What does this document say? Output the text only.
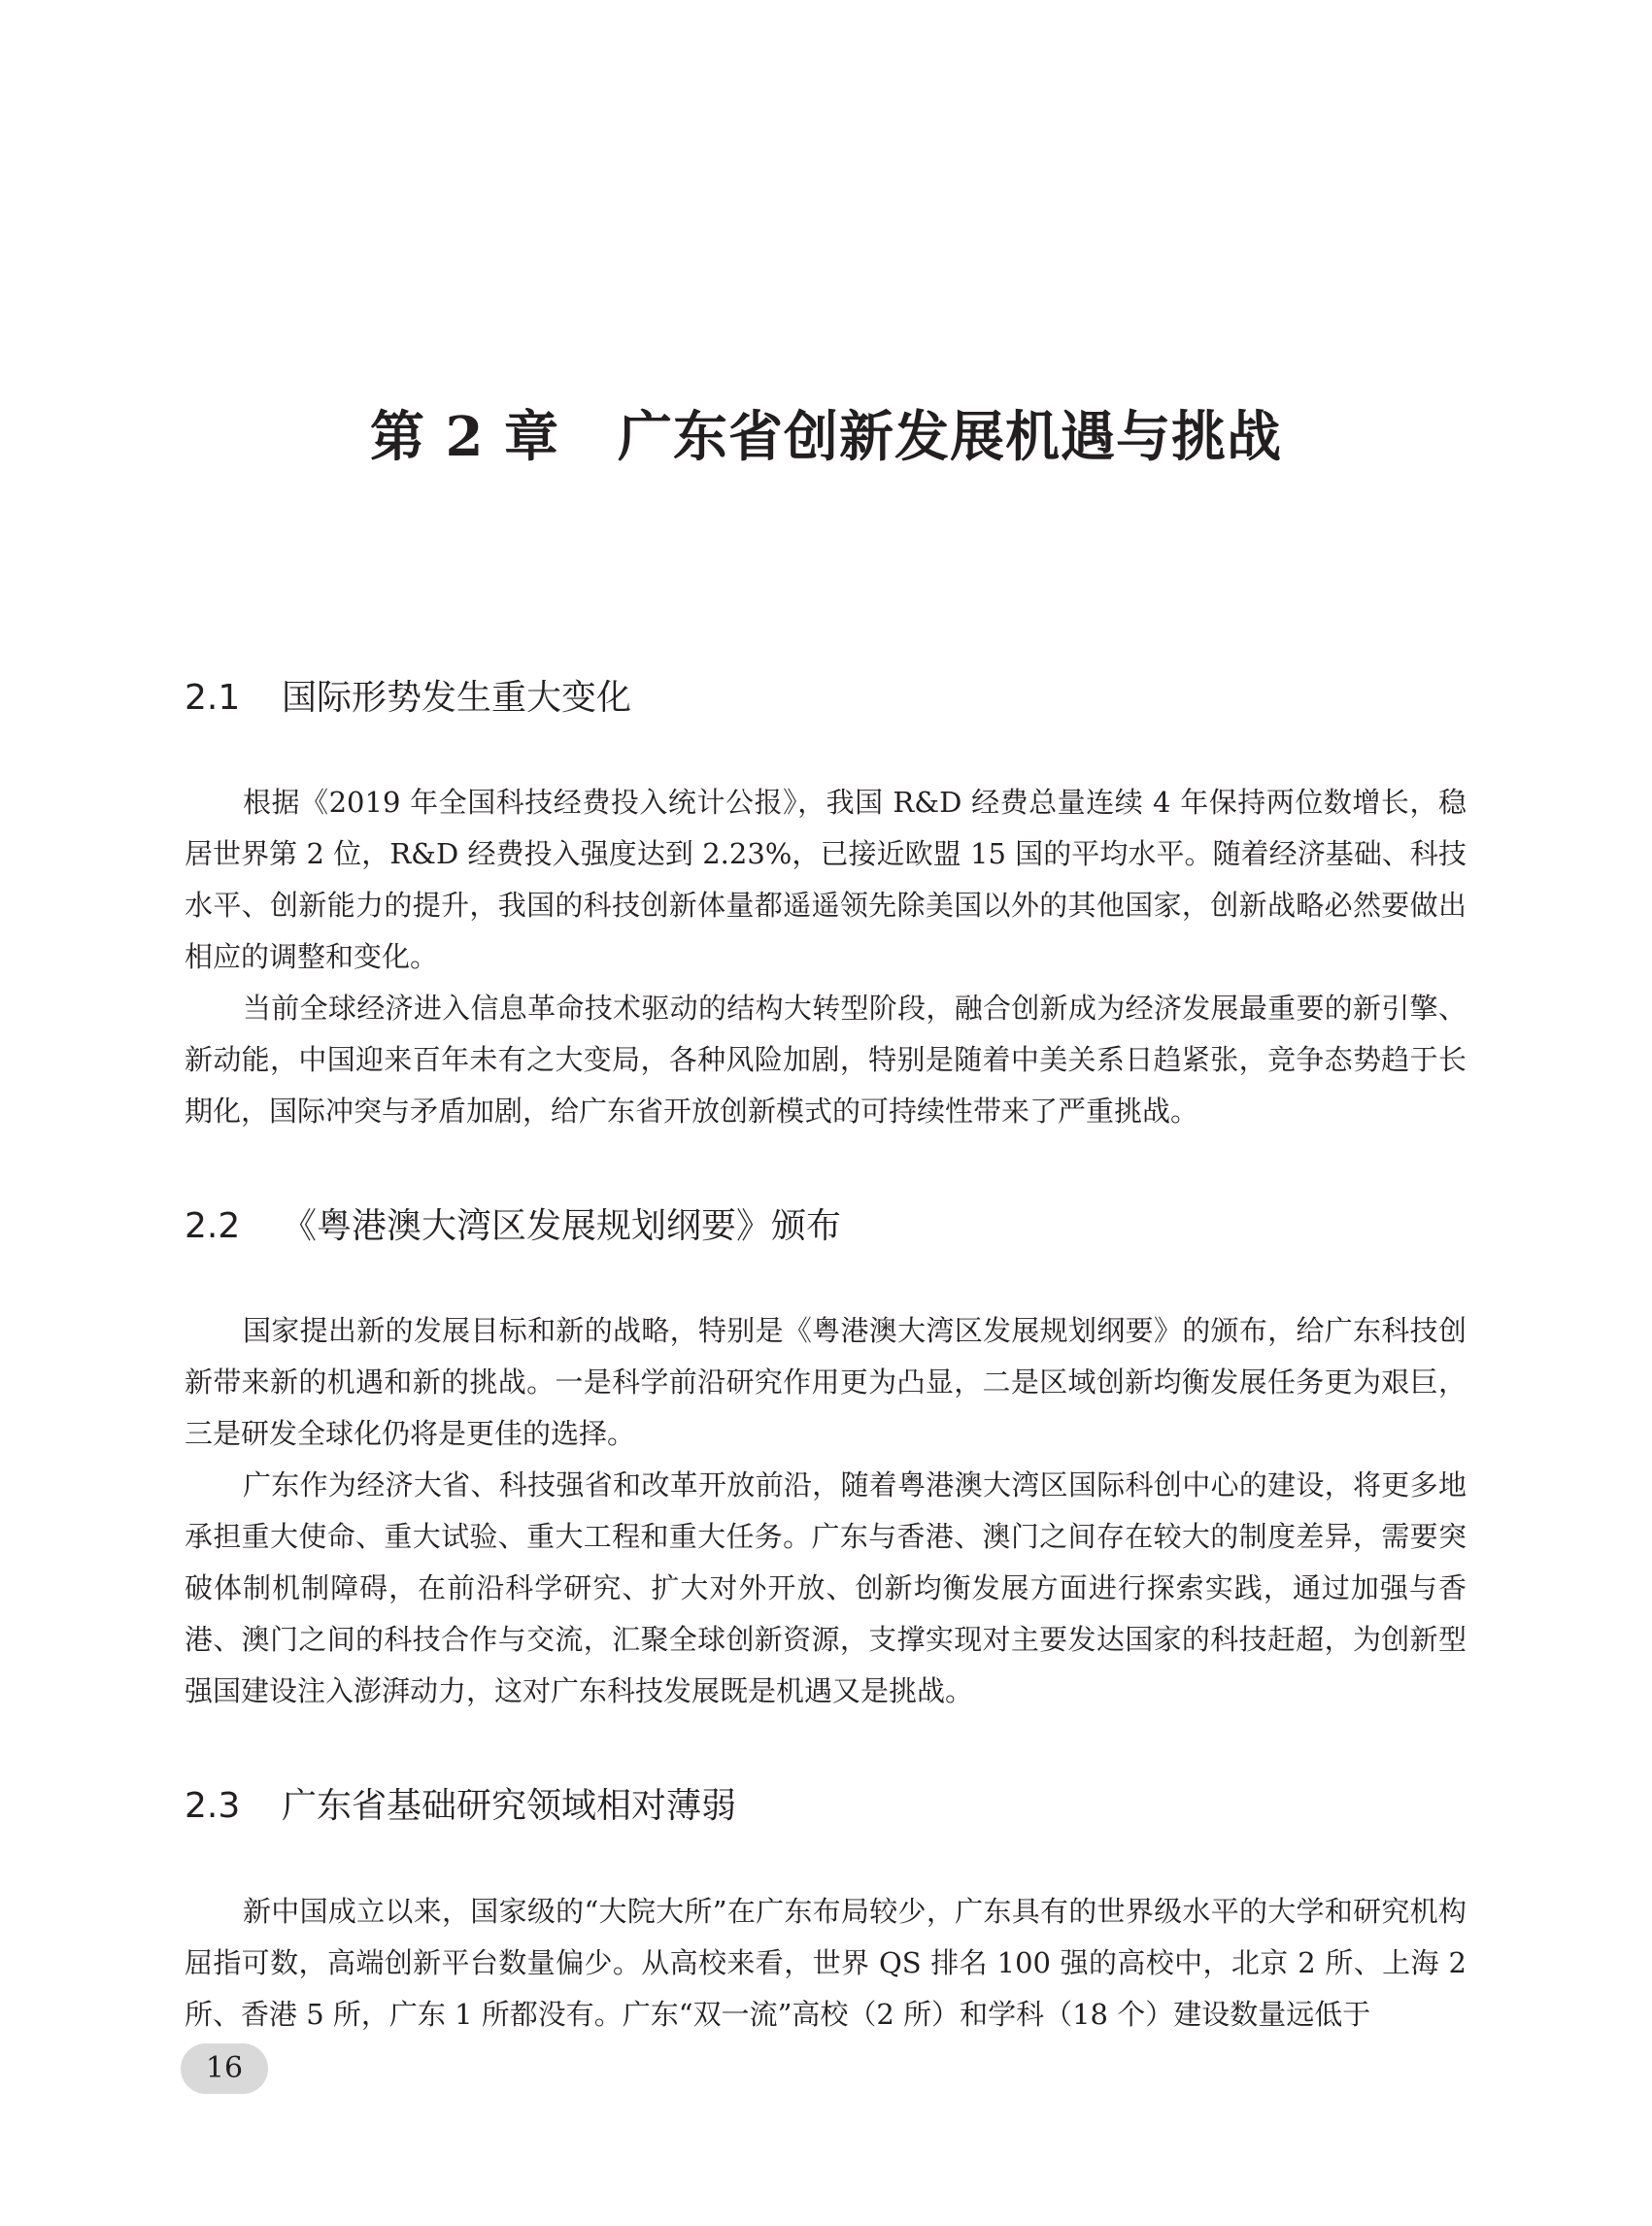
第 2 章 广东省创新发展机遇与挑战
2.1 国际形势发生重大变化

根据《2019 年全国科技经费投入统计公报》，我国 R&D 经费总量连续 4 年保持两位数增长，稳居世界第 2 位，R&D 经费投入强度达到 2.23%，已接近欧盟 15 国的平均水平。随着经济基础、科技水平、创新能力的提升，我国的科技创新体量都遥遥领先除美国以外的其他国家，创新战略必然要做出相应的调整和变化。

当前全球经济进入信息革命技术驱动的结构大转型阶段，融合创新成为经济发展最重要的新引擎、新动能，中国迎来百年未有之大变局，各种风险加剧，特别是随着中美关系日趋紧张，竞争态势趋于长期化，国际冲突与矛盾加剧，给广东省开放创新模式的可持续性带来了严重挑战。

2.2 《粤港澳大湾区发展规划纲要》颁布

国家提出新的发展目标和新的战略，特别是《粤港澳大湾区发展规划纲要》的颁布，给广东科技创新带来新的机遇和新的挑战。一是科学前沿研究作用更为凸显，二是区域创新均衡发展任务更为艰巨，三是研发全球化仍将是更佳的选择。

广东作为经济大省、科技强省和改革开放前沿，随着粤港澳大湾区国际科创中心的建设，将更多地承担重大使命、重大试验、重大工程和重大任务。广东与香港、澳门之间存在较大的制度差异，需要突破体制机制障碍，在前沿科学研究、扩大对外开放、创新均衡发展方面进行探索实践，通过加强与香港、澳门之间的科技合作与交流，汇聚全球创新资源，支撑实现对主要发达国家的科技赶超，为创新型强国建设注入澎湃动力，这对广东科技发展既是机遇又是挑战。

2.3 广东省基础研究领域相对薄弱

新中国成立以来，国家级的“大院大所”在广东布局较少，广东具有的世界级水平的大学和研究机构屈指可数，高端创新平台数量偏少。从高校来看，世界 QS 排名 100 强的高校中，北京 2 所、上海 2 所、香港 5 所，广东 1 所都没有。广东“双一流”高校（2 所）和学科（18 个）建设数量远低于

16
